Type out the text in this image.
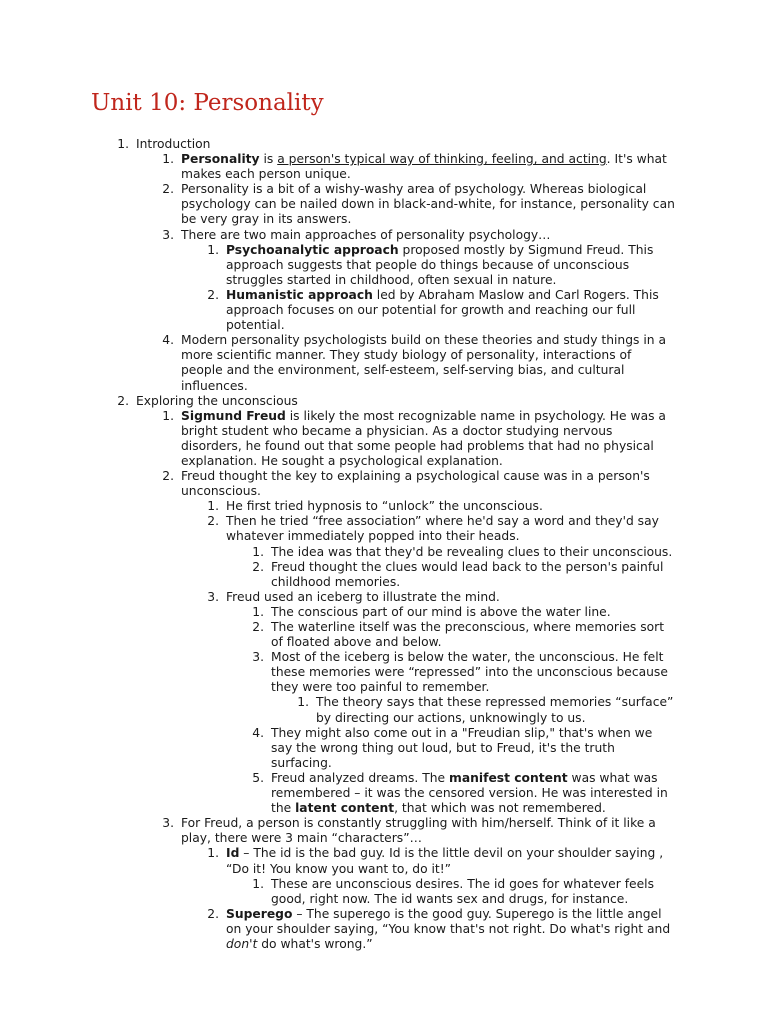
Unit 10: Personality
1. Introduction
1. Personality is a person's typical way of thinking, feeling, and acting. It's what makes each person unique.
2. Personality is a bit of a wishy-washy area of psychology. Whereas biological psychology can be nailed down in black-and-white, for instance, personality can be very gray in its answers.
3. There are two main approaches of personality psychology…
1. Psychoanalytic approach proposed mostly by Sigmund Freud. This approach suggests that people do things because of unconscious struggles started in childhood, often sexual in nature.
2. Humanistic approach led by Abraham Maslow and Carl Rogers. This approach focuses on our potential for growth and reaching our full potential.
4. Modern personality psychologists build on these theories and study things in a more scientific manner. They study biology of personality, interactions of people and the environment, self-esteem, self-serving bias, and cultural influences.
2. Exploring the unconscious
1. Sigmund Freud is likely the most recognizable name in psychology. He was a bright student who became a physician. As a doctor studying nervous disorders, he found out that some people had problems that had no physical explanation. He sought a psychological explanation.
2. Freud thought the key to explaining a psychological cause was in a person's unconscious.
1. He first tried hypnosis to “unlock” the unconscious.
2. Then he tried “free association” where he'd say a word and they'd say whatever immediately popped into their heads.
1. The idea was that they'd be revealing clues to their unconscious.
2. Freud thought the clues would lead back to the person's painful childhood memories.
3. Freud used an iceberg to illustrate the mind.
1. The conscious part of our mind is above the water line.
2. The waterline itself was the preconscious, where memories sort of floated above and below.
3. Most of the iceberg is below the water, the unconscious. He felt these memories were “repressed” into the unconscious because they were too painful to remember.
1. The theory says that these repressed memories “surface” by directing our actions, unknowingly to us.
4. They might also come out in a "Freudian slip," that's when we say the wrong thing out loud, but to Freud, it's the truth surfacing.
5. Freud analyzed dreams. The manifest content was what was remembered – it was the censored version. He was interested in the latent content, that which was not remembered.
3. For Freud, a person is constantly struggling with him/herself. Think of it like a play, there were 3 main “characters”…
1. Id – The id is the bad guy. Id is the little devil on your shoulder saying , “Do it! You know you want to, do it!”
1. These are unconscious desires. The id goes for whatever feels good, right now. The id wants sex and drugs, for instance.
2. Superego – The superego is the good guy. Superego is the little angel on your shoulder saying, “You know that's not right. Do what's right and don't do what's wrong.”
